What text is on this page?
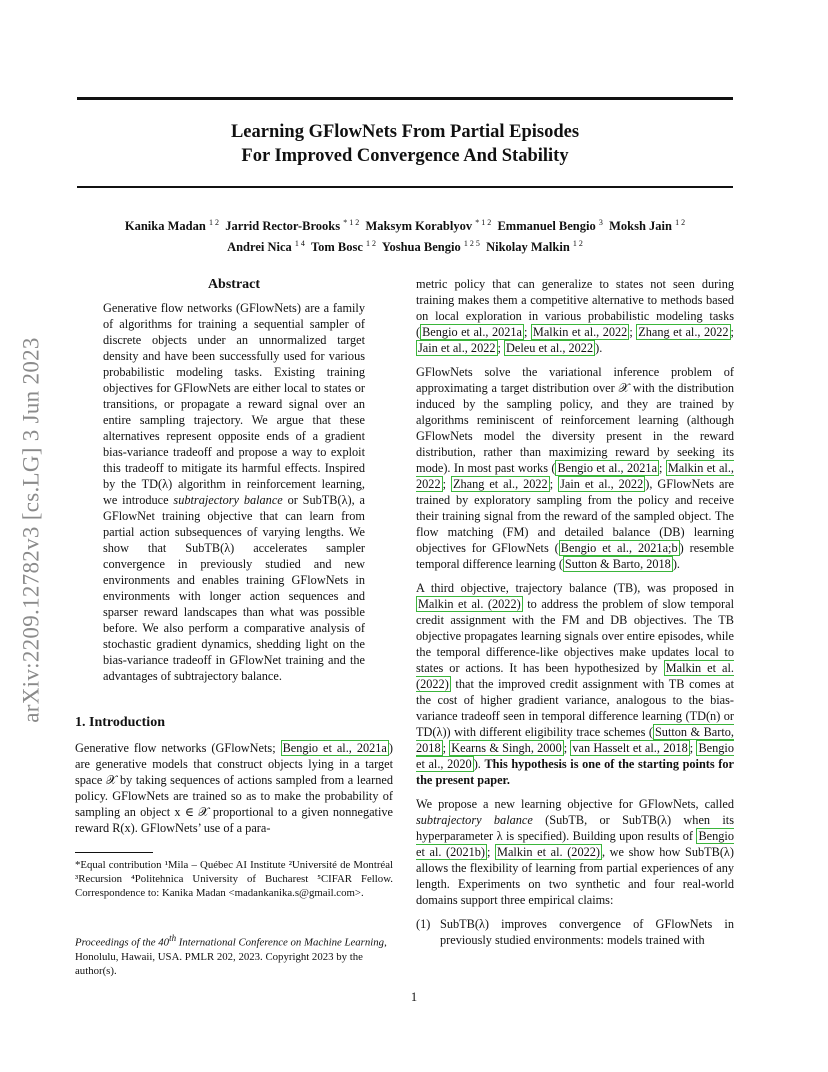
arXiv:2209.12782v3 [cs.LG] 3 Jun 2023
Learning GFlowNets From Partial Episodes
For Improved Convergence And Stability
Kanika Madan $^{1 2}$ Jarrid Rector-Brooks $^{* 1 2}$ Maksym Korablyov $^{* 1 2}$ Emmanuel Bengio $^3$ Moksh Jain $^{1 2}$
Andrei Nica $^{1 4}$ Tom Bosc $^{1 2}$ Yoshua Bengio $^{1 2 5}$ Nikolay Malkin $^{1 2}$
Abstract

Generative flow networks (GFlowNets) are a family of algorithms for training a sequential sampler of discrete objects under an unnormalized target density and have been successfully used for various probabilistic modeling tasks. Existing training objectives for GFlowNets are either local to states or transitions, or propagate a reward signal over an entire sampling trajectory. We argue that these alternatives represent opposite ends of a gradient bias-variance tradeoff and propose a way to exploit this tradeoff to mitigate its harmful effects. Inspired by the TD(λ) algorithm in reinforcement learning, we introduce subtrajectory balance or SubTB(λ), a GFlowNet training objective that can learn from partial action subsequences of varying lengths. We show that SubTB(λ) accelerates sampler convergence in previously studied and new environments and enables training GFlowNets in environments with longer action sequences and sparser reward landscapes than what was possible before. We also perform a comparative analysis of stochastic gradient dynamics, shedding light on the bias-variance tradeoff in GFlowNet training and the advantages of subtrajectory balance.

1. Introduction

Generative flow networks (GFlowNets; Bengio et al., 2021a ) are generative models that construct objects lying in a target space 𝒳 by taking sequences of actions sampled from a learned policy. GFlowNets are trained so as to make the probability of sampling an object x ∈ 𝒳 proportional to a given nonnegative reward R(x). GFlowNets’ use of a para-

*Equal contribution ¹Mila – Québec AI Institute ²Université de Montréal ³Recursion ⁴Politehnica University of Bucharest ⁵CIFAR Fellow. Correspondence to: Kanika Madan <madankanika.s@gmail.com>.
Proceedings of the 40th International Conference on Machine Learning, Honolulu, Hawaii, USA. PMLR 202, 2023. Copyright 2023 by the author(s).

metric policy that can generalize to states not seen during training makes them a competitive alternative to methods based on local exploration in various probabilistic modeling tasks ( Bengio et al., 2021a ; Malkin et al., 2022 ; Zhang et al., 2022 ; Jain et al., 2022 ; Deleu et al., 2022 ).

GFlowNets solve the variational inference problem of approximating a target distribution over 𝒳 with the distribution induced by the sampling policy, and they are trained by algorithms reminiscent of reinforcement learning (although GFlowNets model the diversity present in the reward distribution, rather than maximizing reward by seeking its mode). In most past works ( Bengio et al., 2021a ; Malkin et al., 2022 ; Zhang et al., 2022 ; Jain et al., 2022 ), GFlowNets are trained by exploratory sampling from the policy and receive their training signal from the reward of the sampled object. The flow matching (FM) and detailed balance (DB) learning objectives for GFlowNets ( Bengio et al., 2021a;b ) resemble temporal difference learning ( Sutton & Barto, 2018 ).

A third objective, trajectory balance (TB), was proposed in Malkin et al. (2022) to address the problem of slow temporal credit assignment with the FM and DB objectives. The TB objective propagates learning signals over entire episodes, while the temporal difference-like objectives make updates local to states or actions. It has been hypothesized by Malkin et al. (2022) that the improved credit assignment with TB comes at the cost of higher gradient variance, analogous to the bias-variance tradeoff seen in temporal difference learning (TD(n) or TD(λ)) with different eligibility trace schemes ( Sutton & Barto, 2018 ; Kearns & Singh, 2000 ; van Hasselt et al., 2018 ; Bengio et al., 2020 ). This hypothesis is one of the starting points for the present paper.

We propose a new learning objective for GFlowNets, called subtrajectory balance (SubTB, or SubTB(λ) when its hyperparameter λ is specified). Building upon results of Bengio et al. (2021b) ; Malkin et al. (2022) , we show how SubTB(λ) allows the flexibility of learning from partial experiences of any length. Experiments on two synthetic and four real-world domains support three empirical claims:

(1) SubTB(λ) improves convergence of GFlowNets in previously studied environments: models trained with
1
